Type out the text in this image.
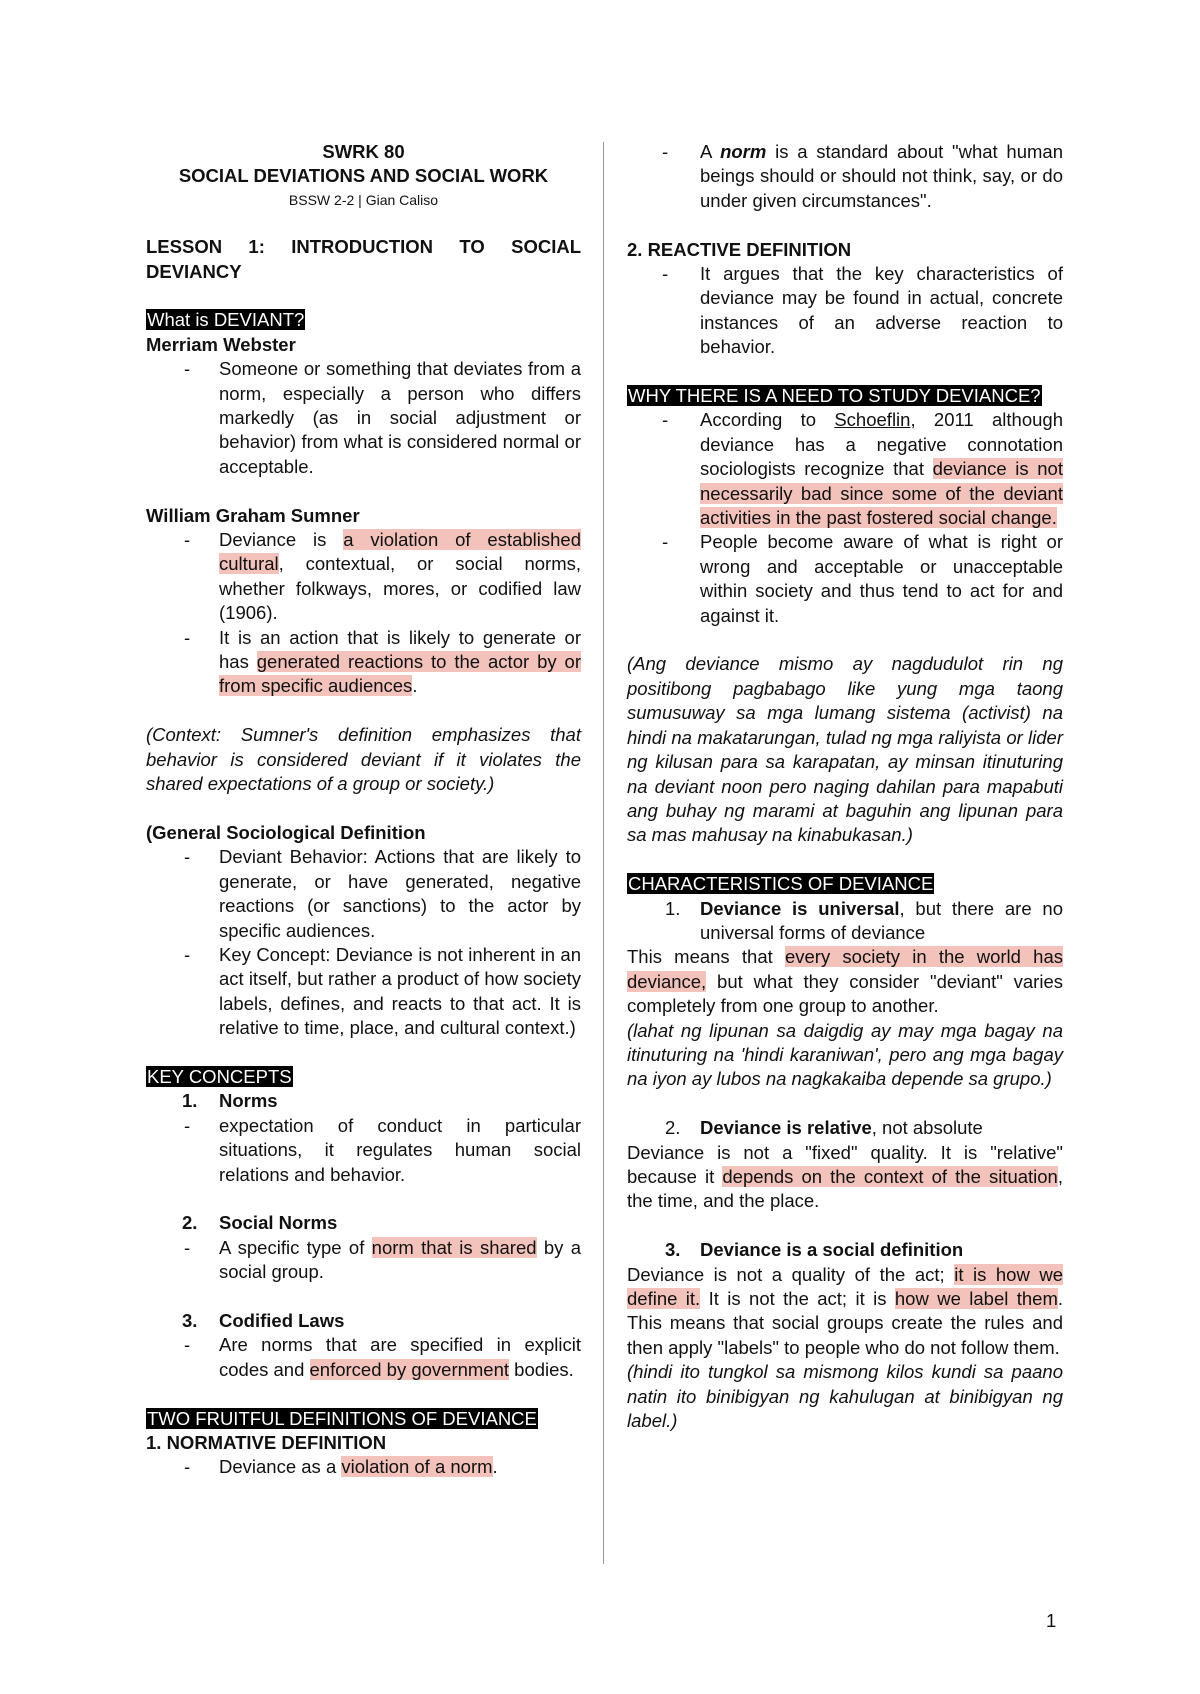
SWRK 80
SOCIAL DEVIATIONS AND SOCIAL WORK
BSSW 2-2 | Gian Caliso
LESSON 1: INTRODUCTION TO SOCIAL DEVIANCY
What is DEVIANT?
Merriam Webster
-	Someone or something that deviates from a norm, especially a person who differs markedly (as in social adjustment or behavior) from what is considered normal or acceptable.
William Graham Sumner
-	Deviance is a violation of established cultural, contextual, or social norms, whether folkways, mores, or codified law (1906).
-	It is an action that is likely to generate or has generated reactions to the actor by or from specific audiences.
(Context: Sumner's definition emphasizes that behavior is considered deviant if it violates the shared expectations of a group or society.)
(General Sociological Definition
-	Deviant Behavior: Actions that are likely to generate, or have generated, negative reactions (or sanctions) to the actor by specific audiences.
-	Key Concept: Deviance is not inherent in an act itself, but rather a product of how society labels, defines, and reacts to that act. It is relative to time, place, and cultural context.)
KEY CONCEPTS
1.	Norms
-	expectation of conduct in particular situations, it regulates human social relations and behavior.
2.	Social Norms
-	A specific type of norm that is shared by a social group.
3.	Codified Laws
-	Are norms that are specified in explicit codes and enforced by government bodies.
TWO FRUITFUL DEFINITIONS OF DEVIANCE
1. NORMATIVE DEFINITION
-	Deviance as a violation of a norm.
-	A norm is a standard about "what human beings should or should not think, say, or do under given circumstances".
2. REACTIVE DEFINITION
-	It argues that the key characteristics of deviance may be found in actual, concrete instances of an adverse reaction to behavior.
WHY THERE IS A NEED TO STUDY DEVIANCE?
-	According to Schoeflin, 2011 although deviance has a negative connotation sociologists recognize that deviance is not necessarily bad since some of the deviant activities in the past fostered social change.
-	People become aware of what is right or wrong and acceptable or unacceptable within society and thus tend to act for and against it.
(Ang deviance mismo ay nagdudulot rin ng positibong pagbabago like yung mga taong sumusuway sa mga lumang sistema (activist) na hindi na makatarungan, tulad ng mga raliyista or lider ng kilusan para sa karapatan, ay minsan itinuturing na deviant noon pero naging dahilan para mapabuti ang buhay ng marami at baguhin ang lipunan para sa mas mahusay na kinabukasan.)
CHARACTERISTICS OF DEVIANCE
1.	Deviance is universal, but there are no universal forms of deviance
This means that every society in the world has deviance, but what they consider "deviant" varies completely from one group to another.
(lahat ng lipunan sa daigdig ay may mga bagay na itinuturing na 'hindi karaniwan', pero ang mga bagay na iyon ay lubos na nagkakaiba depende sa grupo.)
2.	Deviance is relative, not absolute
Deviance is not a "fixed" quality. It is "relative" because it depends on the context of the situation, the time, and the place.
3.	Deviance is a social definition
Deviance is not a quality of the act; it is how we define it. It is not the act; it is how we label them. This means that social groups create the rules and then apply "labels" to people who do not follow them.
(hindi ito tungkol sa mismong kilos kundi sa paano natin ito binibigyan ng kahulugan at binibigyan ng label.)
1
